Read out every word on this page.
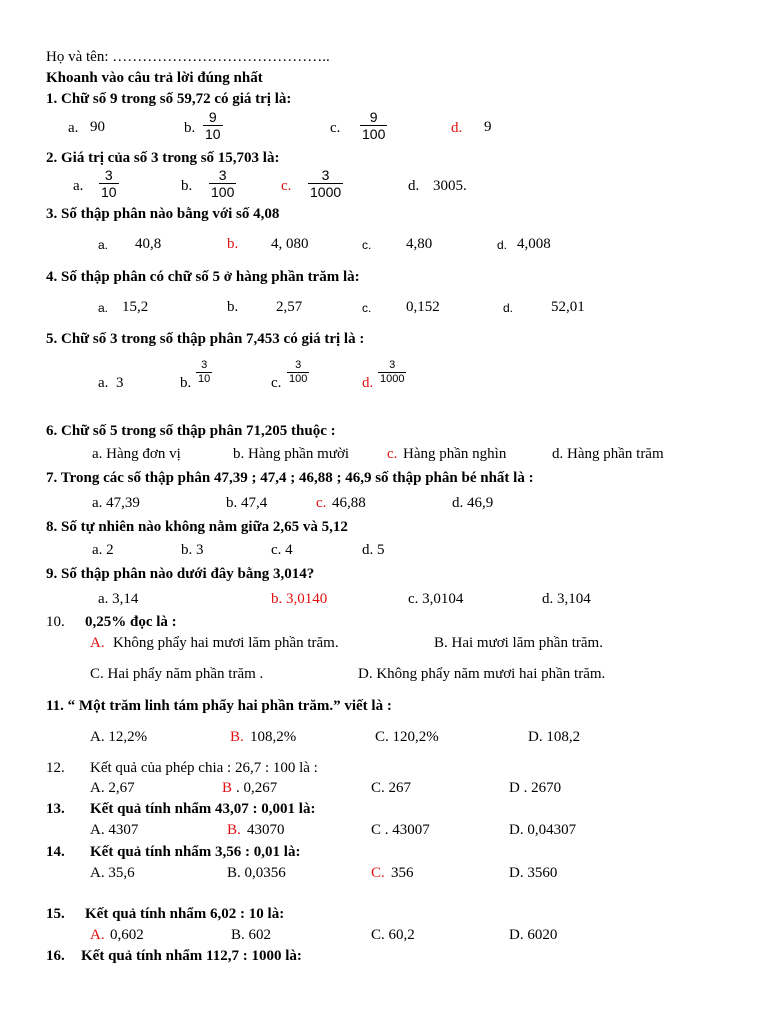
Họ và tên: ……………………………………..
Khoanh vào câu trả lời đúng nhất
1. Chữ số 9 trong số 59,72 có giá trị là:
a. 90	b. $\frac{9}{10}$	c. $\frac{9}{100}$	d. 9
2. Giá trị của số 3 trong số 15,703 là:
a. $\frac{3}{10}$	b. $\frac{3}{100}$	c. $\frac{3}{1000}$	d. 3005.
3. Số thập phân nào bằng với số 4,08
a. 40,8	b. 4, 080	c. 4,80	d. 4,008
4. Số thập phân có chữ số 5 ở hàng phần trăm là:
a. 15,2	b.	2,57	c. 0,152	d.	52,01
5. Chữ số 3 trong số thập phân 7,453 có giá trị là :
a. 3	b. $\frac{3}{10}$	c. $\frac{3}{100}$	d. $\frac{3}{1000}$
6. Chữ số 5 trong số thập phân 71,205 thuộc :
a. Hàng đơn vị	b. Hàng phần mười	c. Hàng phần nghìn	d. Hàng phần trăm
7. Trong các số thập phân 47,39 ; 47,4 ; 46,88 ; 46,9 số thập phân bé nhất là :
a. 47,39	b. 47,4	c. 46,88	d. 46,9
8. Số tự nhiên nào không nằm giữa 2,65 và 5,12
a. 2	b. 3	c. 4	d. 5
9. Số thập phân nào dưới đây bằng 3,014?
a. 3,14	b. 3,0140	c. 3,0104	d. 3,104
10. 0,25% đọc là :
A. Không phẩy hai mươi lăm phần trăm.	B. Hai mươi lăm phần trăm.
C. Hai phẩy năm phần trăm .	D. Không phẩy năm mươi hai phần trăm.
11. “ Một trăm linh tám phẩy hai phần trăm.” viết là :
A. 12,2%	B. 108,2%	C. 120,2%	D. 108,2
12. Kết quả của phép chia : 26,7 : 100 là :
A. 2,67	B . 0,267	C. 267	D . 2670
13. Kết quả tính nhẩm 43,07 : 0,001 là:
A. 4307	B. 43070	C . 43007	D. 0,04307
14. Kết quả tính nhẩm 3,56 : 0,01 là:
A. 35,6	B. 0,0356	C. 356	D. 3560
15. Kết quả tính nhẩm 6,02 : 10 là:
A. 0,602	B. 602	C. 60,2	D. 6020
16. Kết quả tính nhẩm 112,7 : 1000 là:
